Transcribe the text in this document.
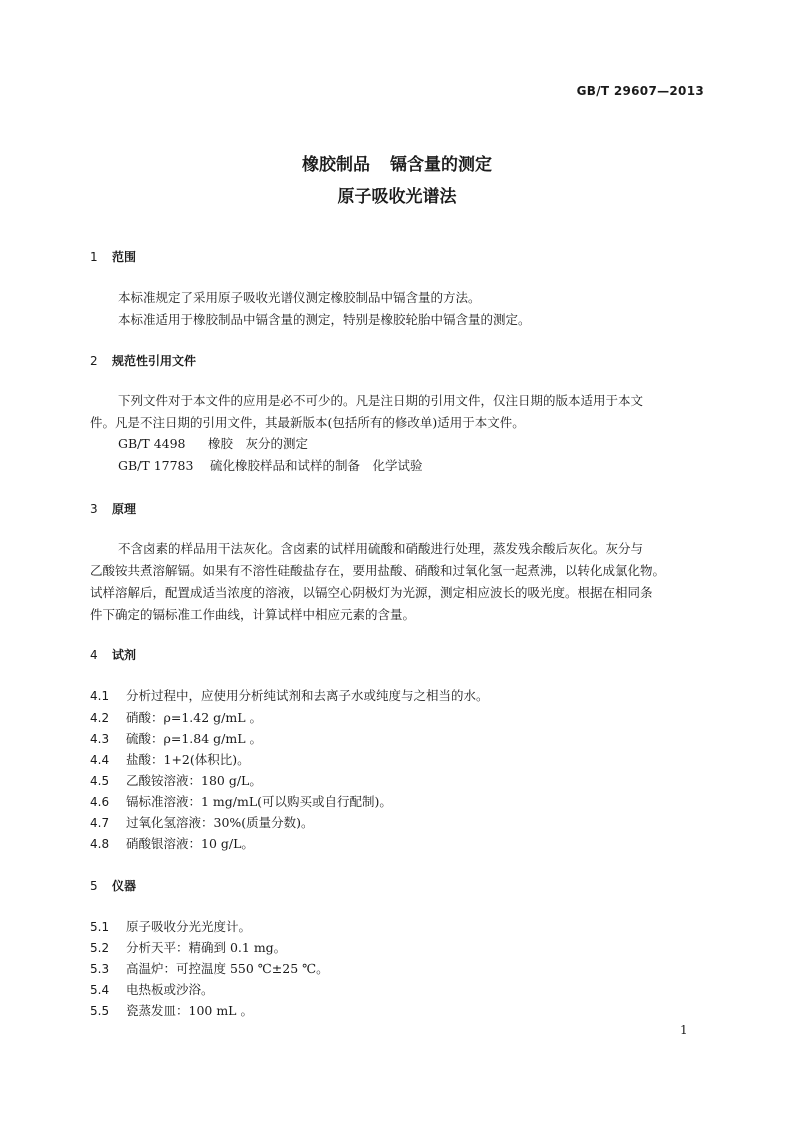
GB/T 29607—2013
橡胶制品 镉含量的测定
原子吸收光谱法
1 范围
本标准规定了采用原子吸收光谱仪测定橡胶制品中镉含量的方法。
本标准适用于橡胶制品中镉含量的测定，特别是橡胶轮胎中镉含量的测定。
2 规范性引用文件
下列文件对于本文件的应用是必不可少的。凡是注日期的引用文件，仅注日期的版本适用于本文
件。凡是不注日期的引用文件，其最新版本(包括所有的修改单)适用于本文件。
GB/T 4498 橡胶　灰分的测定
GB/T 17783 硫化橡胶样品和试样的制备　化学试验
3 原理
不含卤素的样品用干法灰化。含卤素的试样用硫酸和硝酸进行处理，蒸发残余酸后灰化。灰分与
乙酸铵共煮溶解镉。如果有不溶性硅酸盐存在，要用盐酸、硝酸和过氧化氢一起煮沸，以转化成氯化物。
试样溶解后，配置成适当浓度的溶液，以镉空心阴极灯为光源，测定相应波长的吸光度。根据在相同条
件下确定的镉标准工作曲线，计算试样中相应元素的含量。
4 试剂
4.1 分析过程中，应使用分析纯试剂和去离子水或纯度与之相当的水。
4.2 硝酸：ρ=1.42 g/mL 。
4.3 硫酸：ρ=1.84 g/mL 。
4.4 盐酸：1+2(体积比)。
4.5 乙酸铵溶液：180 g/L。
4.6 镉标准溶液：1 mg/mL(可以购买或自行配制)。
4.7 过氧化氢溶液：30%(质量分数)。
4.8 硝酸银溶液：10 g/L。
5 仪器
5.1 原子吸收分光光度计。
5.2 分析天平：精确到 0.1 mg。
5.3 高温炉：可控温度 550 ℃±25 ℃。
5.4 电热板或沙浴。
5.5 瓷蒸发皿：100 mL 。
1
